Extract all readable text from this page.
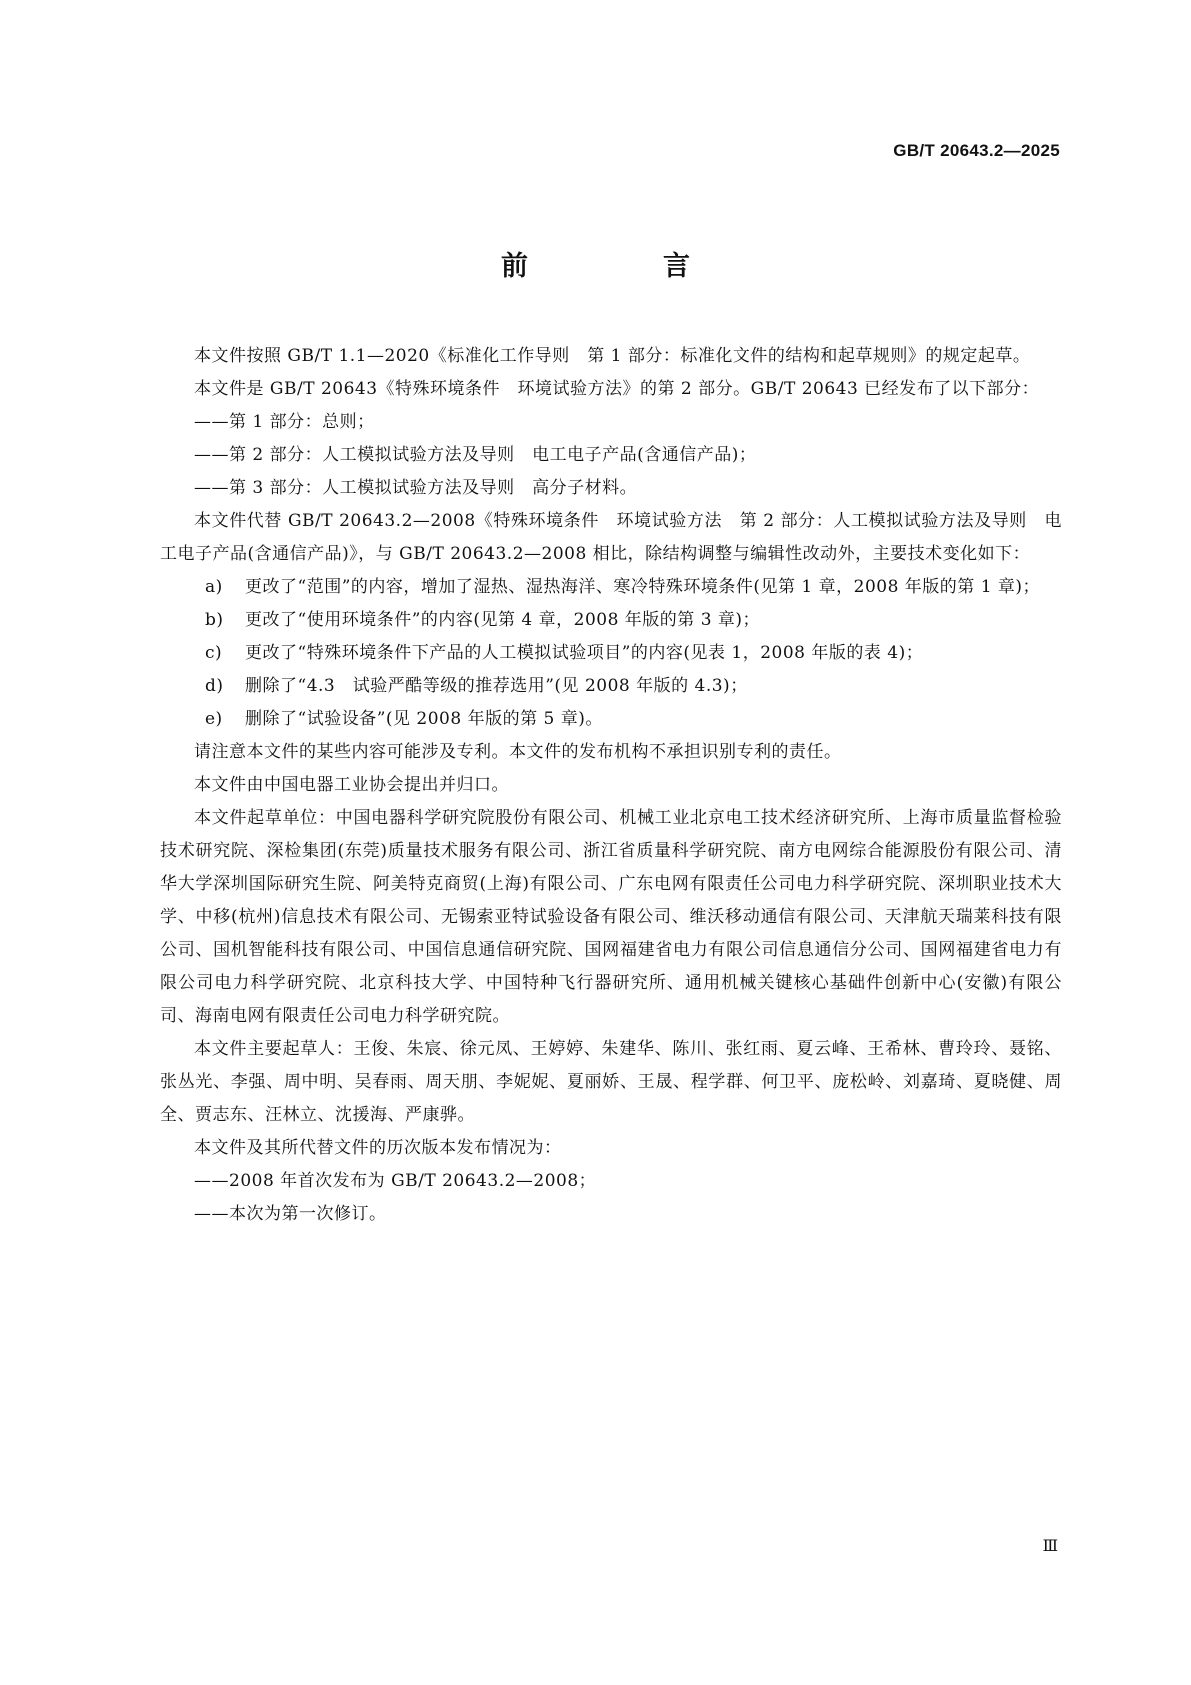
GB/T 20643.2—2025
前　言

本文件按照 GB/T 1.1—2020《标准化工作导则　第 1 部分：标准化文件的结构和起草规则》的规定起草。

本文件是 GB/T 20643《特殊环境条件　环境试验方法》的第 2 部分。GB/T 20643 已经发布了以下部分：

——第 1 部分：总则；

——第 2 部分：人工模拟试验方法及导则　电工电子产品(含通信产品)；

——第 3 部分：人工模拟试验方法及导则　高分子材料。

本文件代替 GB/T 20643.2—2008《特殊环境条件　环境试验方法　第 2 部分：人工模拟试验方法及导则　电工电子产品(含通信产品)》，与 GB/T 20643.2—2008 相比，除结构调整与编辑性改动外，主要技术变化如下：

a) 更改了“范围”的内容，增加了湿热、湿热海洋、寒冷特殊环境条件(见第 1 章，2008 年版的第 1 章)；

b) 更改了“使用环境条件”的内容(见第 4 章，2008 年版的第 3 章)；

c) 更改了“特殊环境条件下产品的人工模拟试验项目”的内容(见表 1，2008 年版的表 4)；

d) 删除了“4.3　试验严酷等级的推荐选用”(见 2008 年版的 4.3)；

e) 删除了“试验设备”(见 2008 年版的第 5 章)。

请注意本文件的某些内容可能涉及专利。本文件的发布机构不承担识别专利的责任。

本文件由中国电器工业协会提出并归口。

本文件起草单位：中国电器科学研究院股份有限公司、机械工业北京电工技术经济研究所、上海市质量监督检验技术研究院、深检集团(东莞)质量技术服务有限公司、浙江省质量科学研究院、南方电网综合能源股份有限公司、清华大学深圳国际研究生院、阿美特克商贸(上海)有限公司、广东电网有限责任公司电力科学研究院、深圳职业技术大学、中移(杭州)信息技术有限公司、无锡索亚特试验设备有限公司、维沃移动通信有限公司、天津航天瑞莱科技有限公司、国机智能科技有限公司、中国信息通信研究院、国网福建省电力有限公司信息通信分公司、国网福建省电力有限公司电力科学研究院、北京科技大学、中国特种飞行器研究所、通用机械关键核心基础件创新中心(安徽)有限公司、海南电网有限责任公司电力科学研究院。

本文件主要起草人：王俊、朱宸、徐元凤、王婷婷、朱建华、陈川、张红雨、夏云峰、王希林、曹玲玲、聂铭、张丛光、李强、周中明、吴春雨、周天朋、李妮妮、夏丽娇、王晟、程学群、何卫平、庞松岭、刘嘉琦、夏晓健、周全、贾志东、汪林立、沈援海、严康骅。

本文件及其所代替文件的历次版本发布情况为：

——2008 年首次发布为 GB/T 20643.2—2008；

——本次为第一次修订。

Ⅲ
